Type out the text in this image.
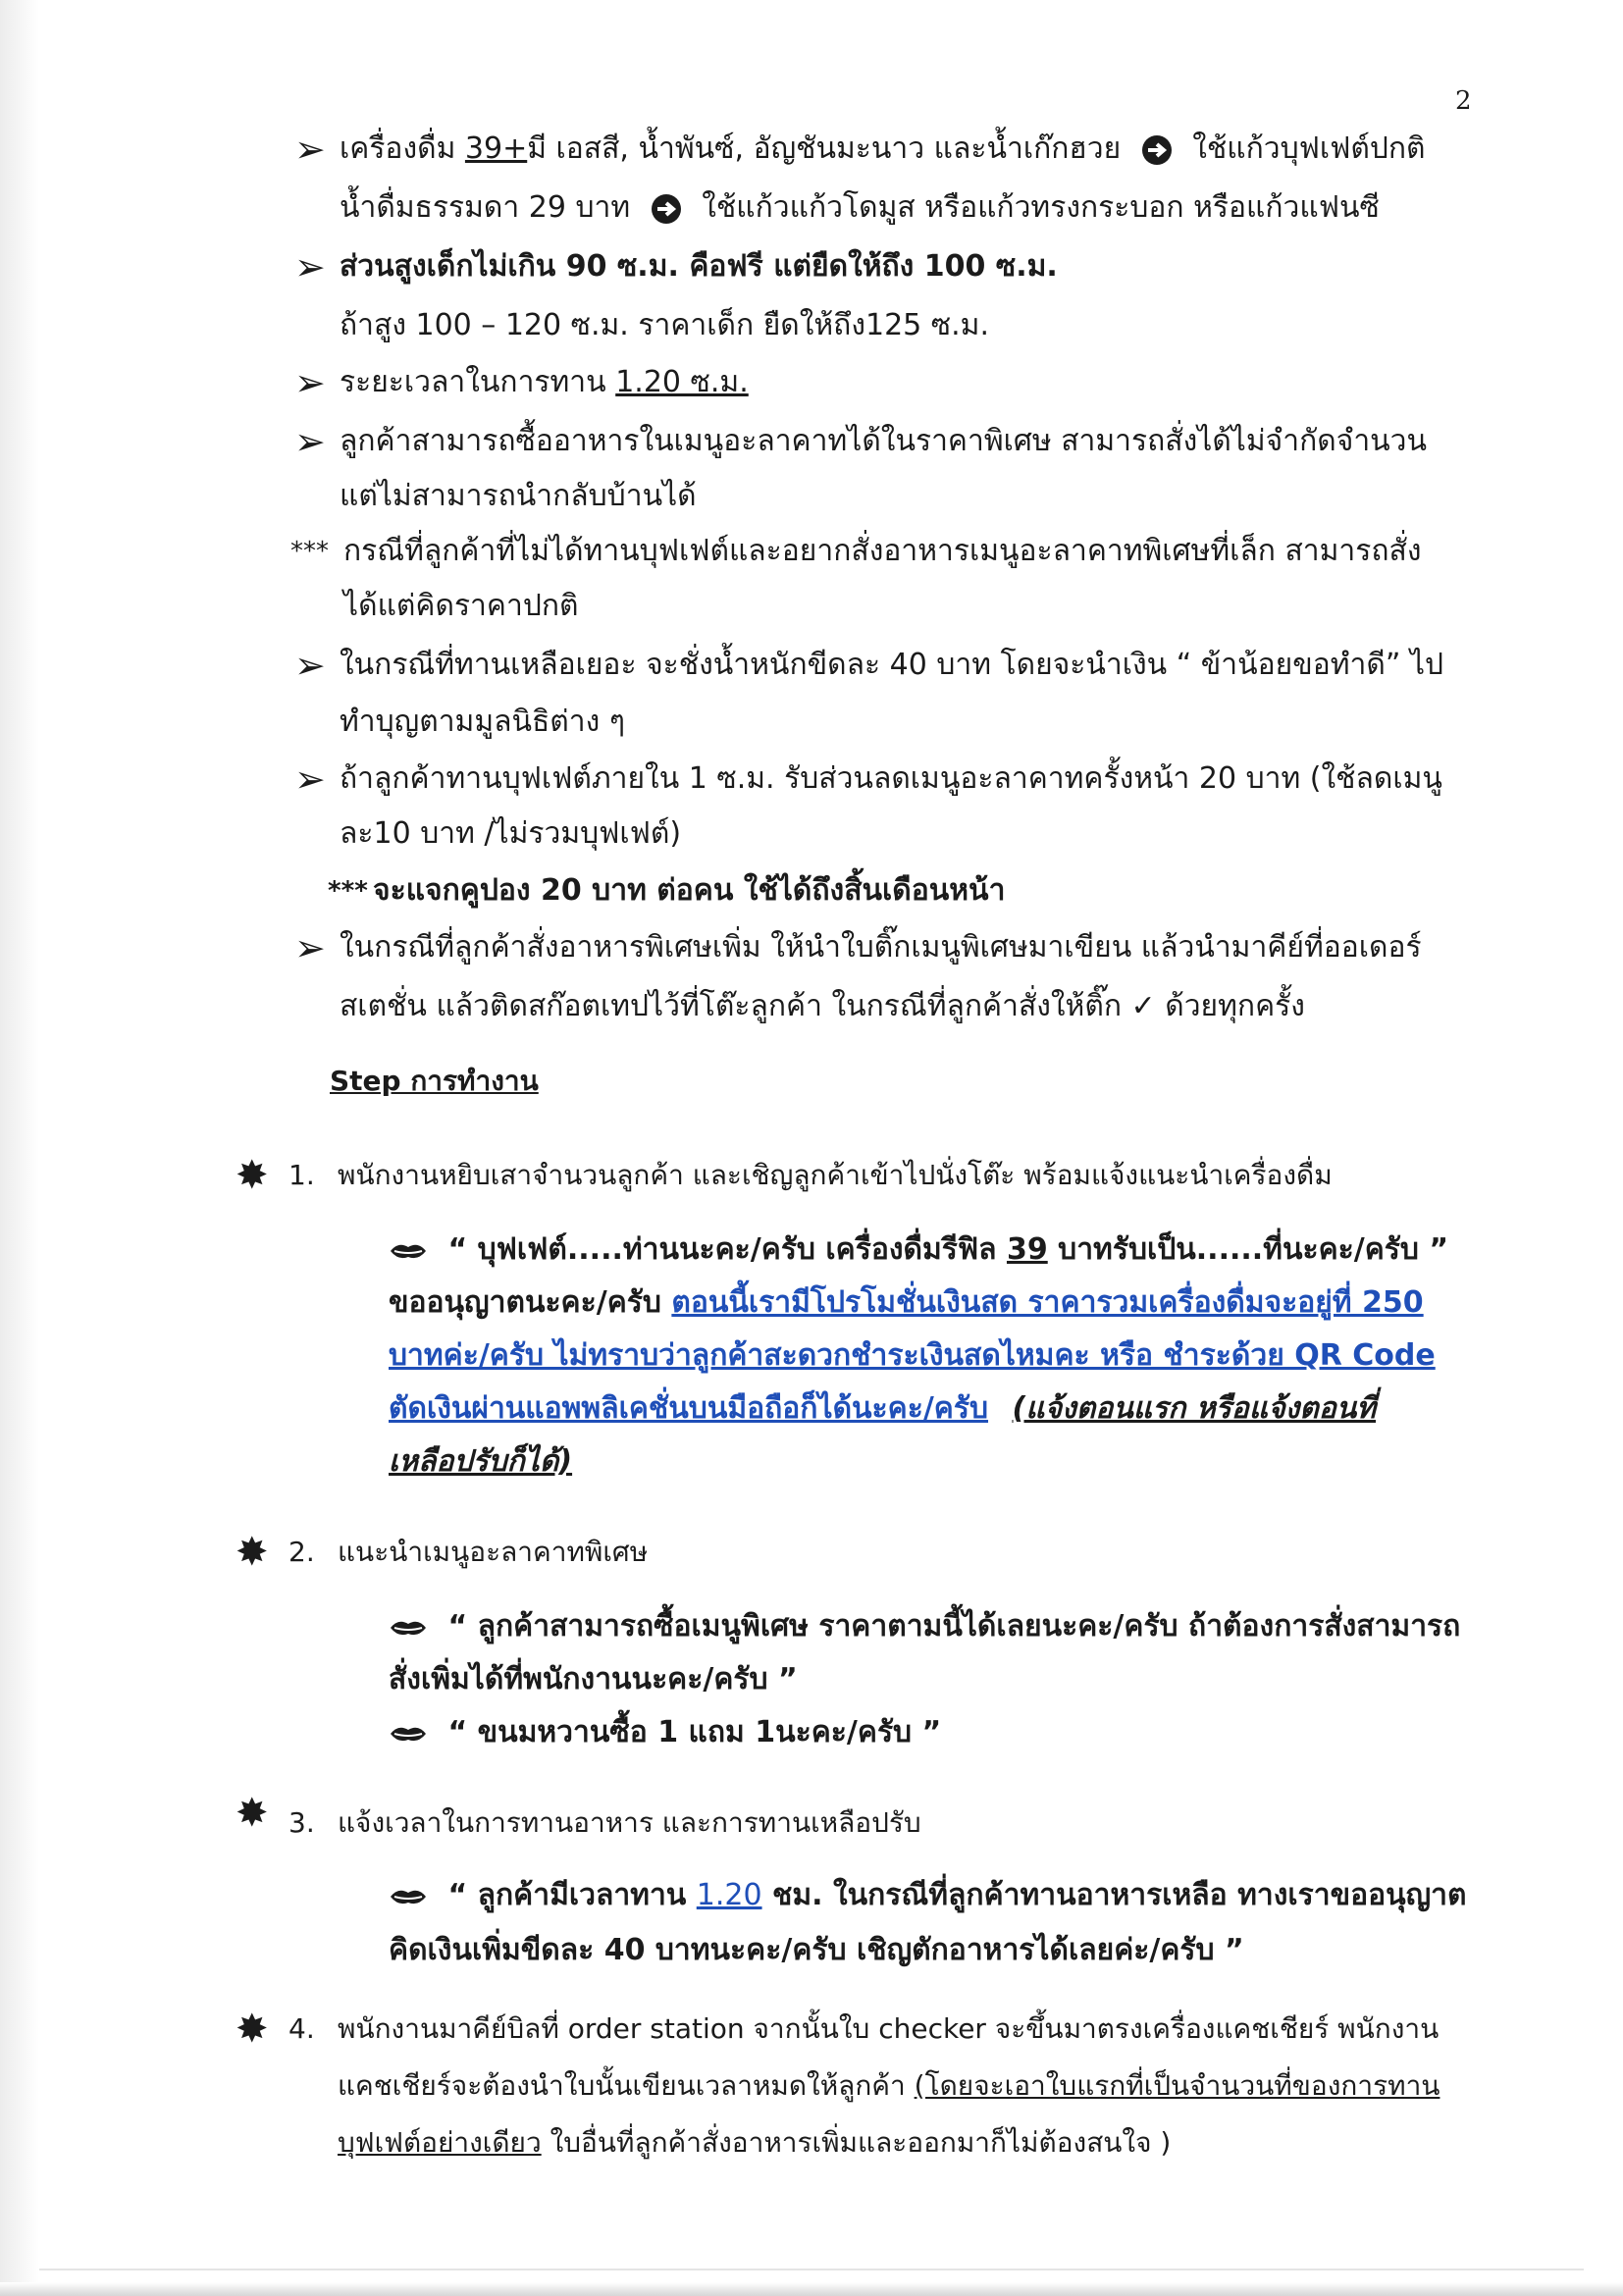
2
➢ เครื่องดื่ม 39+มี เอสสี, น้ำพันซ์, อัญชันมะนาว และน้ำเก๊กฮวย ใช้แก้วบุฟเฟต์ปกติ
น้ำดื่มธรรมดา 29 บาท ใช้แก้วแก้วโดมูส หรือแก้วทรงกระบอก หรือแก้วแฟนซี
➢ ส่วนสูงเด็กไม่เกิน 90 ซ.ม. คือฟรี แต่ยืดให้ถึง 100 ซ.ม.
ถ้าสูง 100 – 120 ซ.ม. ราคาเด็ก ยืดให้ถึง125 ซ.ม.
➢ ระยะเวลาในการทาน 1.20 ซ.ม.
➢ ลูกค้าสามารถซื้ออาหารในเมนูอะลาคาทได้ในราคาพิเศษ สามารถสั่งได้ไม่จำกัดจำนวน
แต่ไม่สามารถนำกลับบ้านได้
*** กรณีที่ลูกค้าที่ไม่ได้ทานบุฟเฟต์และอยากสั่งอาหารเมนูอะลาคาทพิเศษที่เล็ก สามารถสั่ง
ได้แต่คิดราคาปกติ
➢ ในกรณีที่ทานเหลือเยอะ จะชั่งน้ำหนักขีดละ 40 บาท โดยจะนำเงิน “ ข้าน้อยขอทำดี” ไป
ทำบุญตามมูลนิธิต่าง ๆ
➢ ถ้าลูกค้าทานบุฟเฟต์ภายใน 1 ซ.ม. รับส่วนลดเมนูอะลาคาทครั้งหน้า 20 บาท (ใช้ลดเมนู
ละ10 บาท /ไม่รวมบุฟเฟต์)
*** จะแจกคูปอง 20 บาท ต่อคน ใช้ได้ถึงสิ้นเดือนหน้า
➢ ในกรณีที่ลูกค้าสั่งอาหารพิเศษเพิ่ม ให้นำใบติ๊กเมนูพิเศษมาเขียน แล้วนำมาคีย์ที่ออเดอร์
สเตชั่น แล้วติดสก๊อตเทปไว้ที่โต๊ะลูกค้า ในกรณีที่ลูกค้าสั่งให้ติ๊ก ✓ ด้วยทุกครั้ง
Step การทำงาน
✸ 1. พนักงานหยิบเสาจำนวนลูกค้า และเชิญลูกค้าเข้าไปนั่งโต๊ะ พร้อมแจ้งแนะนำเครื่องดื่ม
“ บุฟเฟต์.....ท่านนะคะ/ครับ เครื่องดื่มรีฟิล 39 บาทรับเป็น......ที่นะคะ/ครับ ”
ขออนุญาตนะคะ/ครับ ตอนนี้เรามีโปรโมชั่นเงินสด ราคารวมเครื่องดื่มจะอยู่ที่ 250
บาทค่ะ/ครับ ไม่ทราบว่าลูกค้าสะดวกชำระเงินสดไหมคะ หรือ ชำระด้วย QR Code
ตัดเงินผ่านแอพพลิเคชั่นบนมือถือก็ได้นะคะ/ครับ (แจ้งตอนแรก หรือแจ้งตอนที่
เหลือปรับก็ได้)
✸ 2. แนะนำเมนูอะลาคาทพิเศษ
“ ลูกค้าสามารถซื้อเมนูพิเศษ ราคาตามนี้ได้เลยนะคะ/ครับ ถ้าต้องการสั่งสามารถ
สั่งเพิ่มได้ที่พนักงานนะคะ/ครับ ”
“ ขนมหวานซื้อ 1 แถม 1นะคะ/ครับ ”
✸ 3. แจ้งเวลาในการทานอาหาร และการทานเหลือปรับ
“ ลูกค้ามีเวลาทาน 1.20 ชม. ในกรณีที่ลูกค้าทานอาหารเหลือ ทางเราขออนุญาต
คิดเงินเพิ่มขีดละ 40 บาทนะคะ/ครับ เชิญตักอาหารได้เลยค่ะ/ครับ ”
✸ 4. พนักงานมาคีย์บิลที่ order station จากนั้นใบ checker จะขึ้นมาตรงเครื่องแคชเชียร์ พนักงาน
แคชเชียร์จะต้องนำใบนั้นเขียนเวลาหมดให้ลูกค้า (โดยจะเอาใบแรกที่เป็นจำนวนที่ของการทาน
บุฟเฟต์อย่างเดียว ใบอื่นที่ลูกค้าสั่งอาหารเพิ่มและออกมาก็ไม่ต้องสนใจ )
